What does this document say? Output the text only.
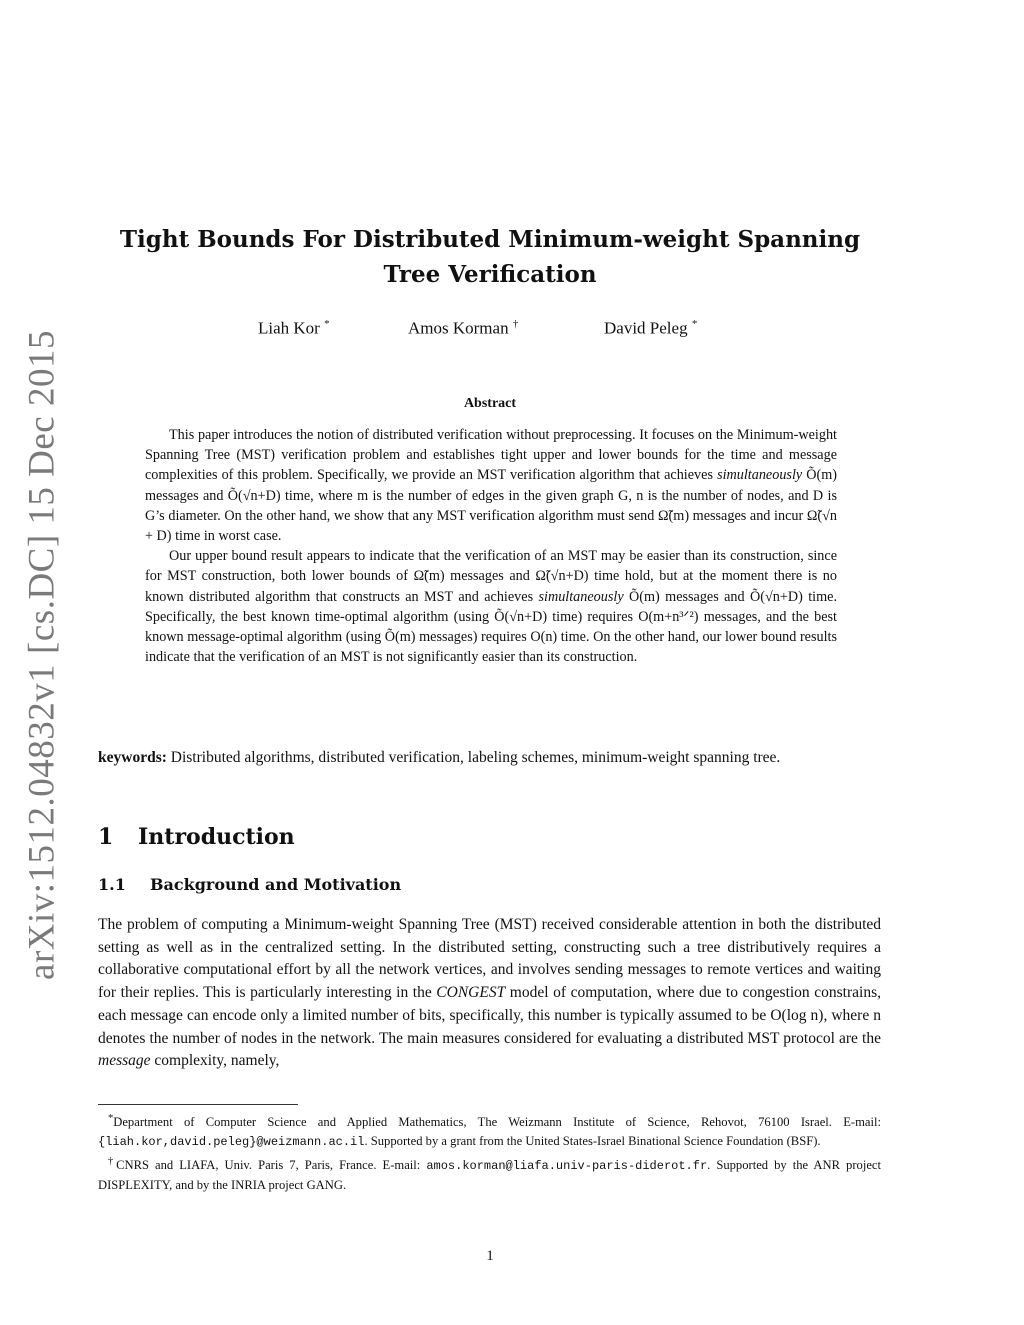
arXiv:1512.04832v1 [cs.DC] 15 Dec 2015
Tight Bounds For Distributed Minimum-weight Spanning Tree Verification
Liah Kor *	Amos Korman †	David Peleg *
Abstract

This paper introduces the notion of distributed verification without preprocessing. It focuses on the Minimum-weight Spanning Tree (MST) verification problem and establishes tight upper and lower bounds for the time and message complexities of this problem. Specifically, we provide an MST verification algorithm that achieves simultaneously Õ(m) messages and Õ(√n+D) time, where m is the number of edges in the given graph G, n is the number of nodes, and D is G’s diameter. On the other hand, we show that any MST verification algorithm must send Ω̃(m) messages and incur Ω̃(√n + D) time in worst case.

Our upper bound result appears to indicate that the verification of an MST may be easier than its construction, since for MST construction, both lower bounds of Ω̃(m) messages and Ω̃(√n+D) time hold, but at the moment there is no known distributed algorithm that constructs an MST and achieves simultaneously Õ(m) messages and Õ(√n+D) time. Specifically, the best known time-optimal algorithm (using Õ(√n+D) time) requires O(m+n³ᐟ²) messages, and the best known message-optimal algorithm (using Õ(m) messages) requires O(n) time. On the other hand, our lower bound results indicate that the verification of an MST is not significantly easier than its construction.

keywords: Distributed algorithms, distributed verification, labeling schemes, minimum-weight spanning tree.
1 Introduction
1.1 Background and Motivation

The problem of computing a Minimum-weight Spanning Tree (MST) received considerable attention in both the distributed setting as well as in the centralized setting. In the distributed setting, constructing such a tree distributively requires a collaborative computational effort by all the network vertices, and involves sending messages to remote vertices and waiting for their replies. This is particularly interesting in the CONGEST model of computation, where due to congestion constrains, each message can encode only a limited number of bits, specifically, this number is typically assumed to be O(log n), where n denotes the number of nodes in the network. The main measures considered for evaluating a distributed MST protocol are the message complexity, namely,

*Department of Computer Science and Applied Mathematics, The Weizmann Institute of Science, Rehovot, 76100 Israel. E-mail: {liah.kor,david.peleg}@weizmann.ac.il. Supported by a grant from the United States-Israel Binational Science Foundation (BSF).

†CNRS and LIAFA, Univ. Paris 7, Paris, France. E-mail: amos.korman@liafa.univ-paris-diderot.fr. Supported by the ANR project DISPLEXITY, and by the INRIA project GANG.

1
